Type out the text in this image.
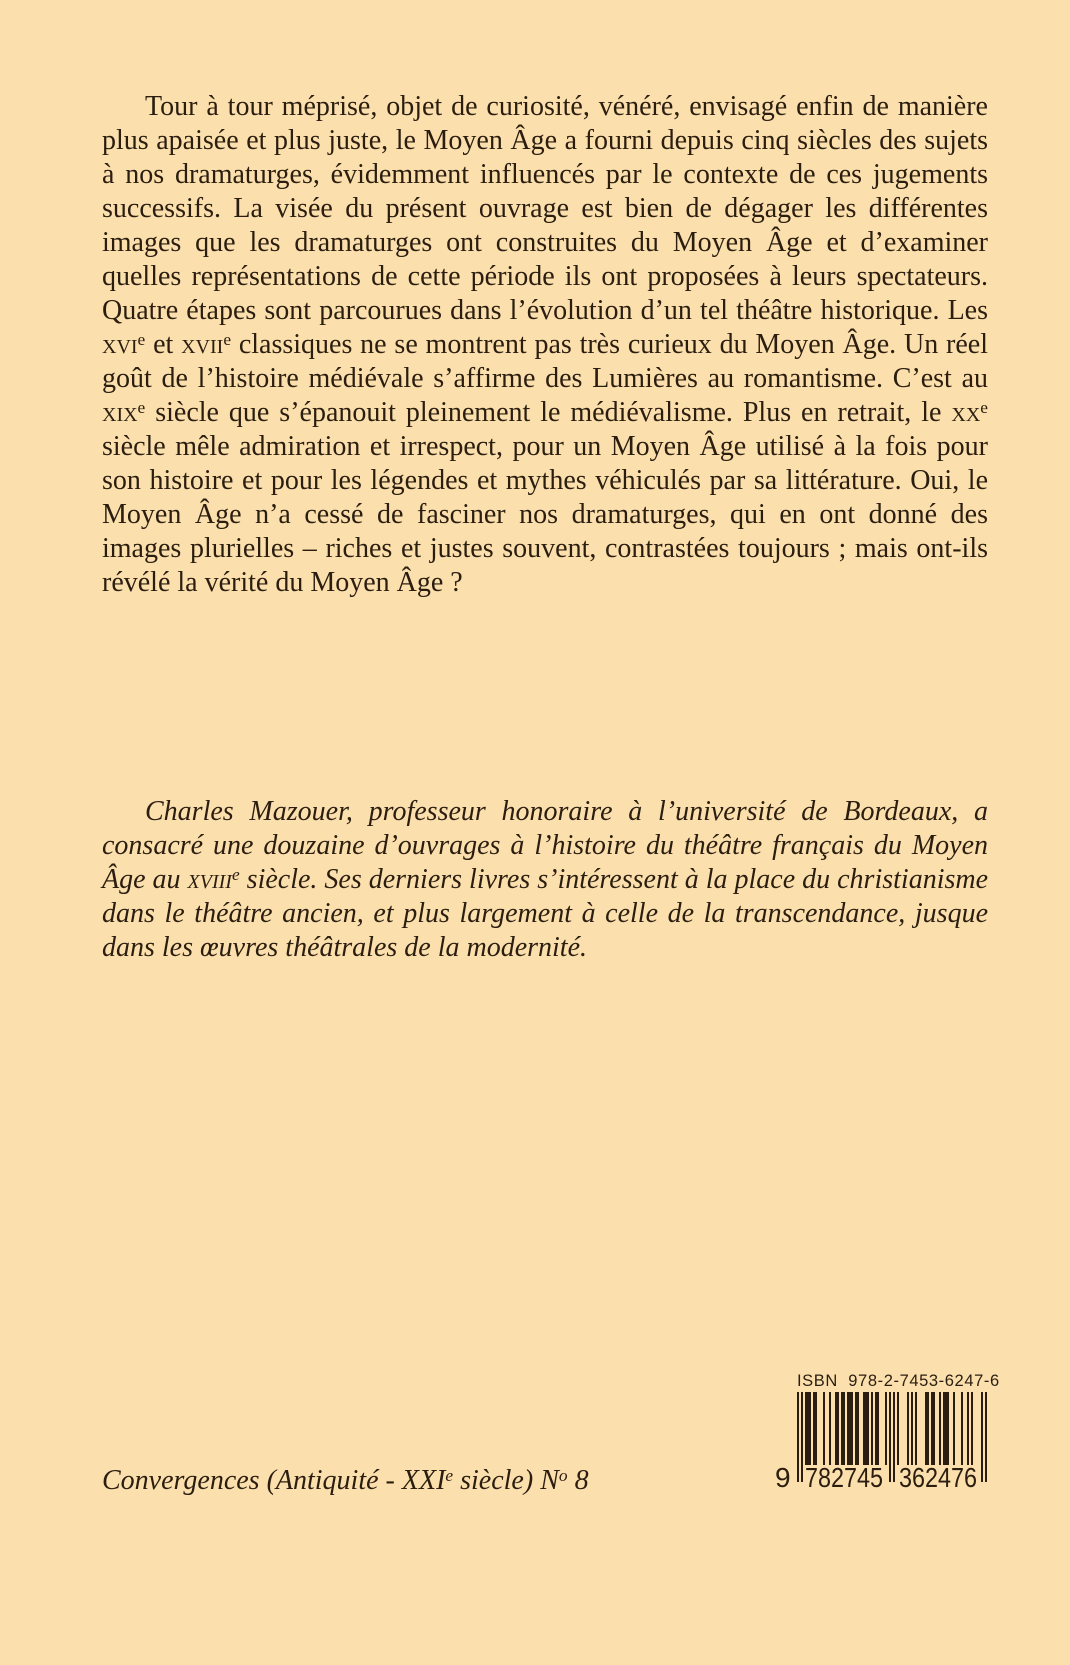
Tour à tour méprisé, objet de curiosité, vénéré, envisagé enfin de manière plus apaisée et plus juste, le Moyen Âge a fourni depuis cinq siècles des sujets à nos dramaturges, évidemment influencés par le contexte de ces jugements successifs. La visée du présent ouvrage est bien de dégager les différentes images que les dramaturges ont construites du Moyen Âge et d’examiner quelles représentations de cette période ils ont proposées à leurs spectateurs. Quatre étapes sont parcourues dans l’évolution d’un tel théâtre historique. Les xvi$^e$ et xvii$^e$ classiques ne se montrent pas très curieux du Moyen Âge. Un réel goût de l’histoire médiévale s’affirme des Lumières au romantisme. C’est au xix$^e$ siècle que s’épanouit pleinement le médiévalisme. Plus en retrait, le $xx^e$ siècle mêle admiration et irrespect, pour un Moyen Âge utilisé à la fois pour son histoire et pour les légendes et mythes véhiculés par sa littérature. Oui, le Moyen Âge n’a cessé de fasciner nos dramaturges, qui en ont donné des images plurielles – riches et justes souvent, contrastées toujours ; mais ont-ils révélé la vérité du Moyen Âge ?

Charles Mazouer, professeur honoraire à l’université de Bordeaux, a consacré une douzaine d’ouvrages à l’histoire du théâtre français du Moyen Âge au xviii$^e$ siècle. Ses derniers livres s’intéressent à la place du christianisme dans le théâtre ancien, et plus largement à celle de la transcendance, jusque dans les œuvres théâtrales de la modernité.

Convergences (Antiquité - XXIe siècle) $N^o$ 8

ISBN  978-2-7453-6247-6
9 782745 362476
